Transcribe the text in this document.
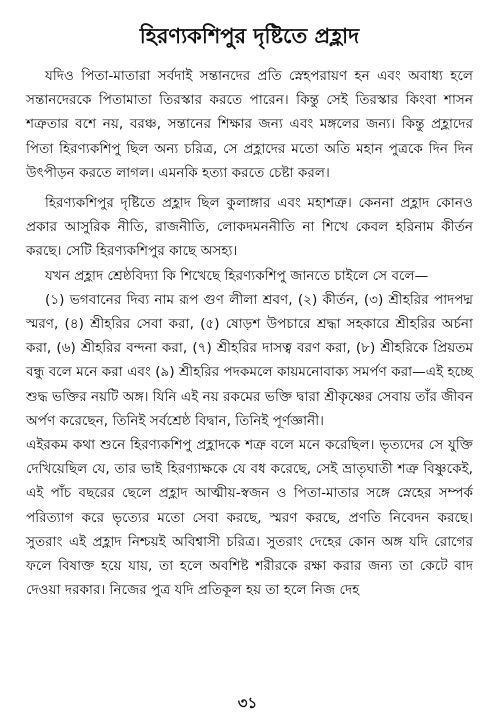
হিরণ্যকশিপুর দৃষ্টিতে প্রহ্লাদ

যদিও পিতা-মাতারা সর্বদাই সন্তানদের প্রতি স্নেহপরায়ণ হন এবং অবাধ্য হলে সন্তানদেরকে পিতামাতা তিরস্কার করতে পারেন। কিন্তু সেই তিরস্কার কিংবা শাসন শত্রুতার বশে নয়, বরঞ্চ, সন্তানের শিক্ষার জন্য এবং মঙ্গলের জন্য। কিন্তু প্রহ্লাদের পিতা হিরণ্যকশিপু ছিল অন্য চরিত্র, সে প্রহ্লাদের মতো অতি মহান পুত্রকে দিন দিন উৎপীড়ন করতে লাগল। এমনকি হত্যা করতে চেষ্টা করল।

হিরণ্যকশিপুর দৃষ্টিতে প্রহ্লাদ ছিল কুলাঙ্গার এবং মহাশত্রু। কেননা প্রহ্লাদ কোনও প্রকার আসুরিক নীতি, রাজনীতি, লোকদমননীতি না শিখে কেবল হরিনাম কীর্তন করছে। সেটি হিরণ্যকশিপুর কাছে অসহ্য।

যখন প্রহ্লাদ শ্রেষ্ঠবিদ্যা কি শিখেছে হিরণ্যকশিপু জানতে চাইলে সে বলে—

(১) ভগবানের দিব্য নাম রূপ গুণ লীলা শ্রবণ, (২) কীর্তন, (৩) শ্রীহরির পাদপদ্ম স্মরণ, (৪) শ্রীহরির সেবা করা, (৫) ষোড়শ উপচারে শ্রদ্ধা সহকারে শ্রীহরির অর্চনা করা, (৬) শ্রীহরির বন্দনা করা, (৭) শ্রীহরির দাসত্ব বরণ করা, (৮) শ্রীহরিকে প্রিয়তম বন্ধু বলে মনে করা এবং (৯) শ্রীহরির পদকমলে কায়মনোবাক্য সমর্পণ করা—এই হচ্ছে শুদ্ধ ভক্তির নয়টি অঙ্গ। যিনি এই নয় রকমের ভক্তি দ্বারা শ্রীকৃষ্ণের সেবায় তাঁর জীবন অর্পণ করেছেন, তিনিই সর্বশ্রেষ্ঠ বিদ্বান, তিনিই পূর্ণজ্ঞানী।

এইরকম কথা শুনে হিরণ্যকশিপু প্রহ্লাদকে শত্রু বলে মনে করেছিল। ভৃত্যদের সে যুক্তি দেখিয়েছিল যে, তার ভাই হিরণ্যাক্ষকে যে বধ করেছে, সেই ভ্রাতৃঘাতী শত্রু বিষ্ণুকেই, এই পাঁচ বছরের ছেলে প্রহ্লাদ আত্মীয়-স্বজন ও পিতা-মাতার সঙ্গে স্নেহের সম্পর্ক পরিত্যাগ করে ভৃত্যের মতো সেবা করছে, স্মরণ করছে, প্রণতি নিবেদন করছে। সুতরাং এই প্রহ্লাদ নিশ্চয়ই অবিশ্বাসী চরিত্র। সুতরাং দেহের কোন অঙ্গ যদি রোগের ফলে বিষাক্ত হয়ে যায়, তা হলে অবশিষ্ট শরীরকে রক্ষা করার জন্য তা কেটে বাদ দেওয়া দরকার। নিজের পুত্র যদি প্রতিকূল হয় তা হলে নিজ দেহ

৩১
